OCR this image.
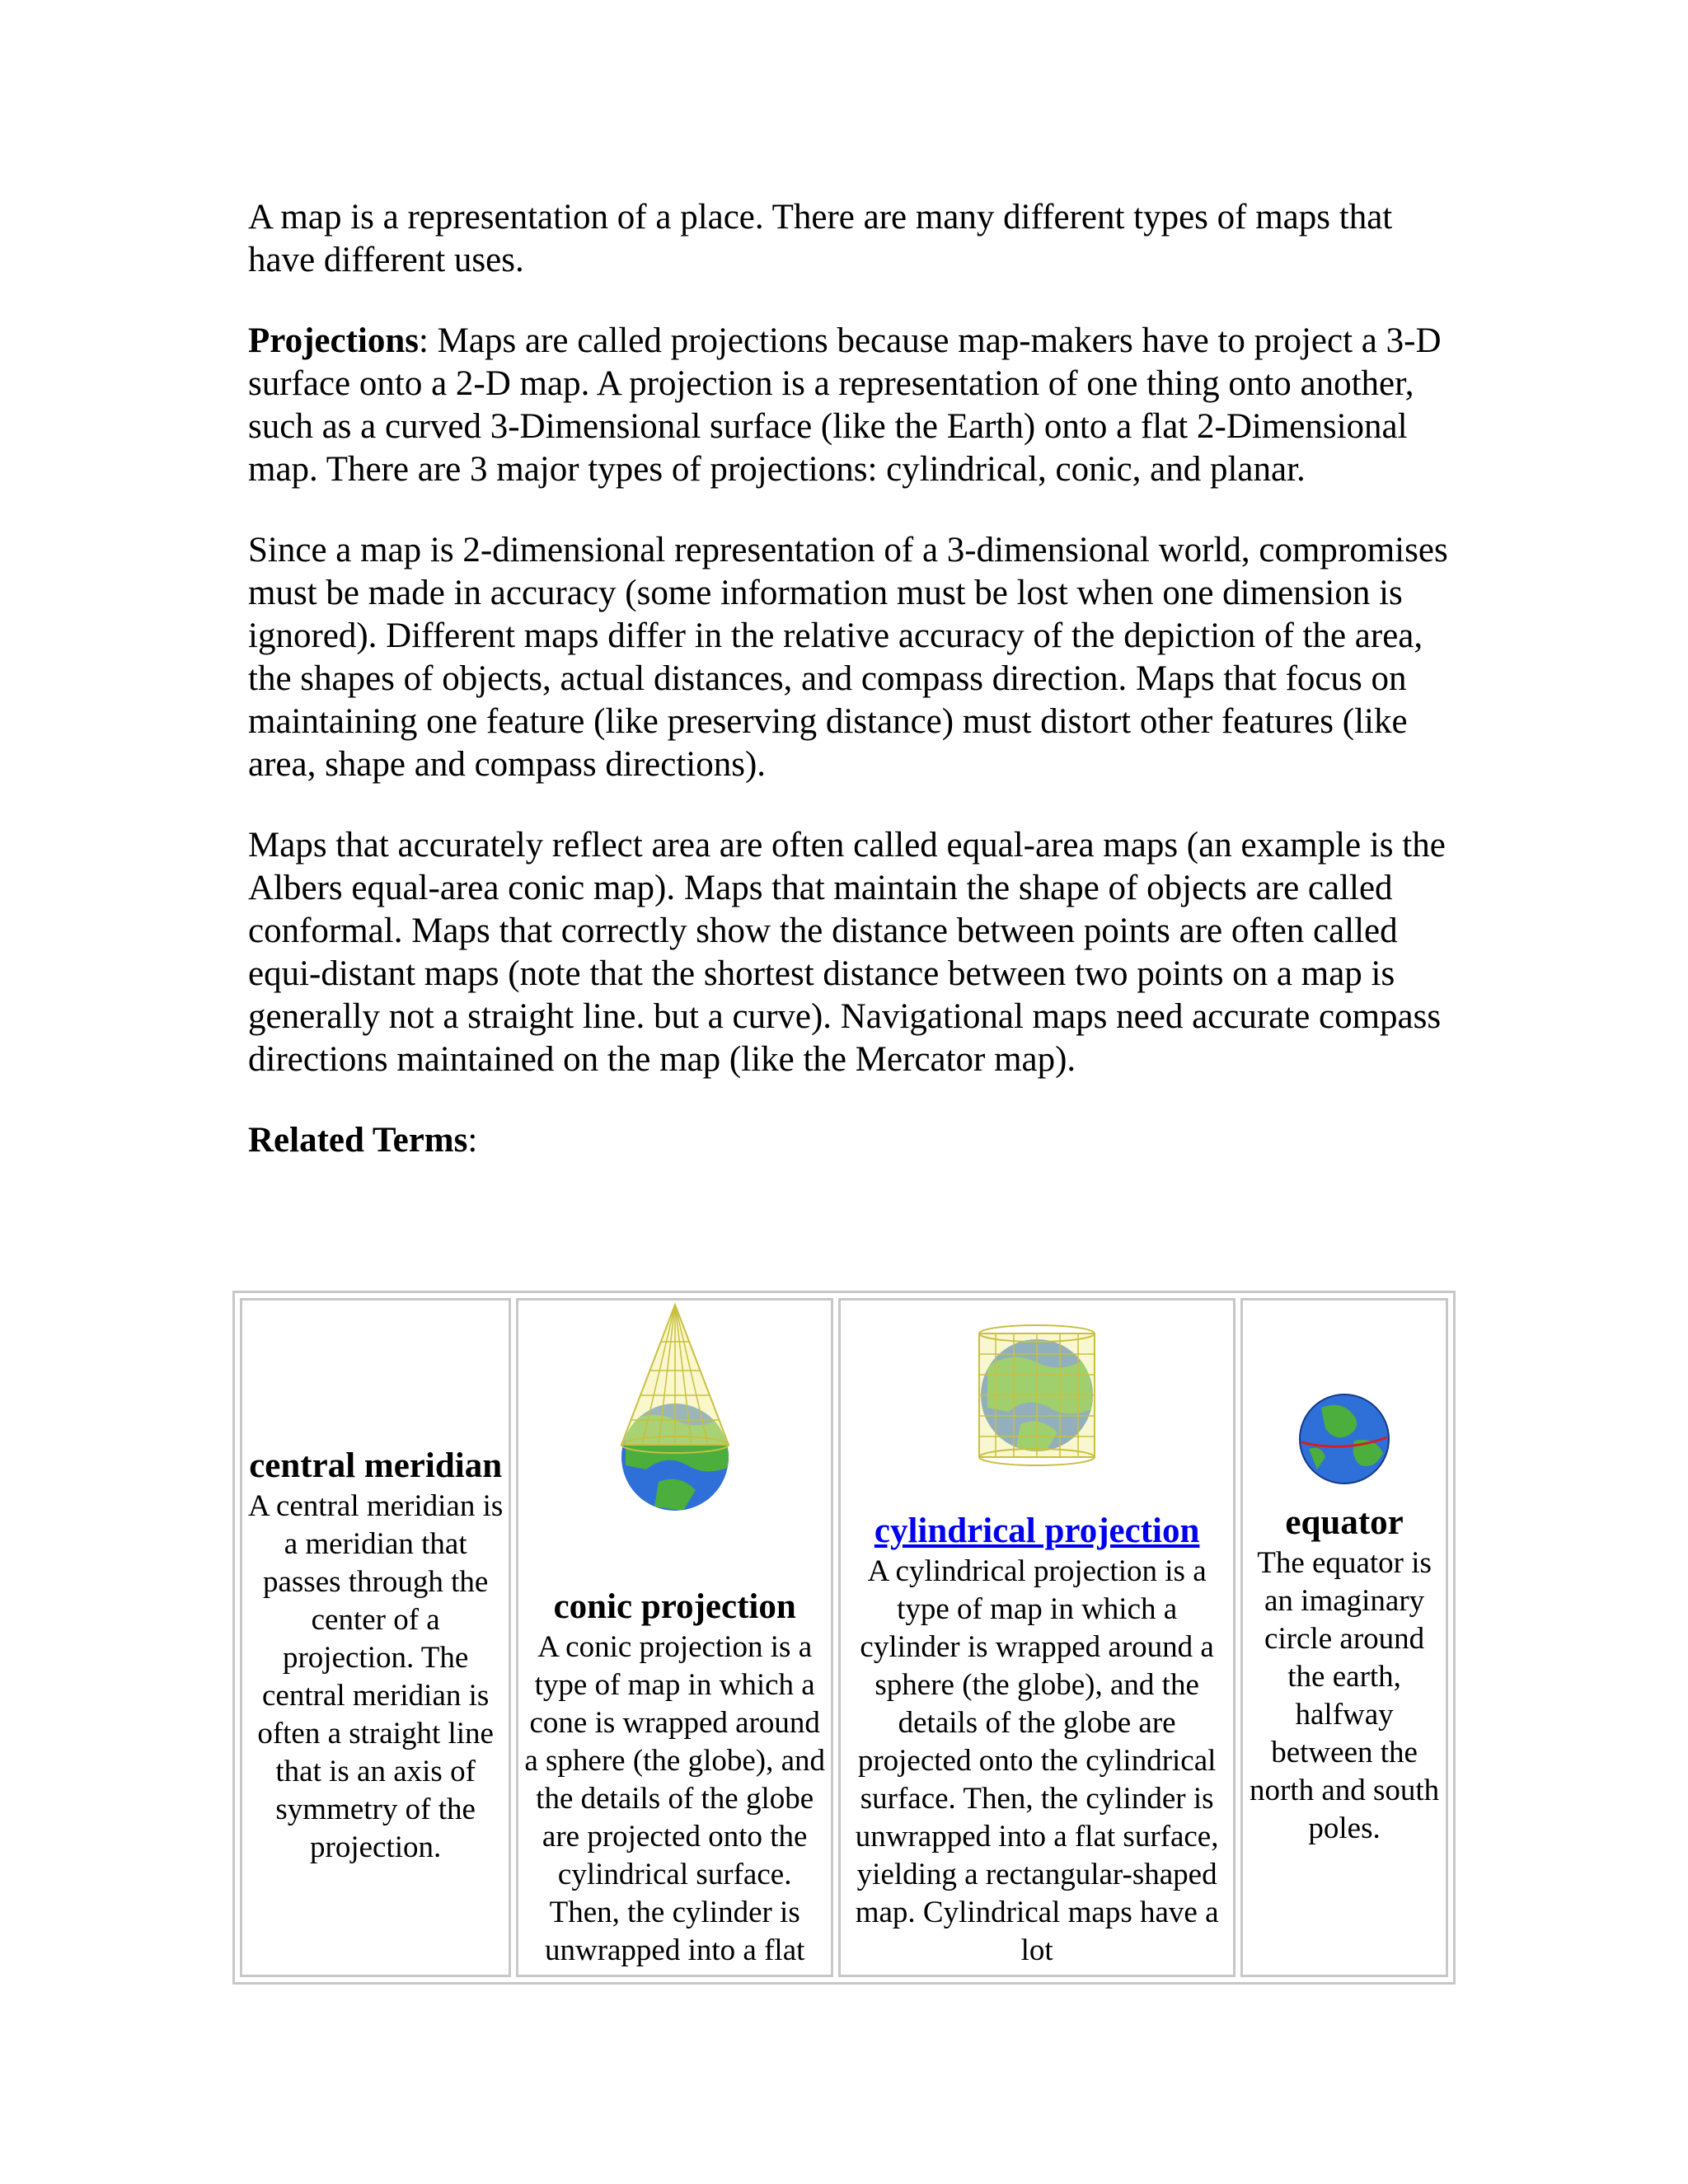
A map is a representation of a place. There are many different types of maps that have different uses.

Projections: Maps are called projections because map-makers have to project a 3-D surface onto a 2-D map. A projection is a representation of one thing onto another, such as a curved 3-Dimensional surface (like the Earth) onto a flat 2-Dimensional map. There are 3 major types of projections: cylindrical, conic, and planar.

Since a map is 2-dimensional representation of a 3-dimensional world, compromises must be made in accuracy (some information must be lost when one dimension is ignored). Different maps differ in the relative accuracy of the depiction of the area, the shapes of objects, actual distances, and compass direction. Maps that focus on maintaining one feature (like preserving distance) must distort other features (like area, shape and compass directions).

Maps that accurately reflect area are often called equal-area maps (an example is the Albers equal-area conic map). Maps that maintain the shape of objects are called conformal. Maps that correctly show the distance between points are often called equi-distant maps (note that the shortest distance between two points on a map is generally not a straight line. but a curve). Navigational maps need accurate compass directions maintained on the map (like the Mercator map).

Related Terms:

central meridian
A central meridian is a meridian that passes through the center of a projection. The central meridian is often a straight line that is an axis of symmetry of the projection.

conic projection
A conic projection is a type of map in which a cone is wrapped around a sphere (the globe), and the details of the globe are projected onto the cylindrical surface. Then, the cylinder is unwrapped into a flat

cylindrical projection
A cylindrical projection is a type of map in which a cylinder is wrapped around a sphere (the globe), and the details of the globe are projected onto the cylindrical surface. Then, the cylinder is unwrapped into a flat surface, yielding a rectangular-shaped map. Cylindrical maps have a lot

equator
The equator is an imaginary circle around the earth, halfway between the north and south poles.
